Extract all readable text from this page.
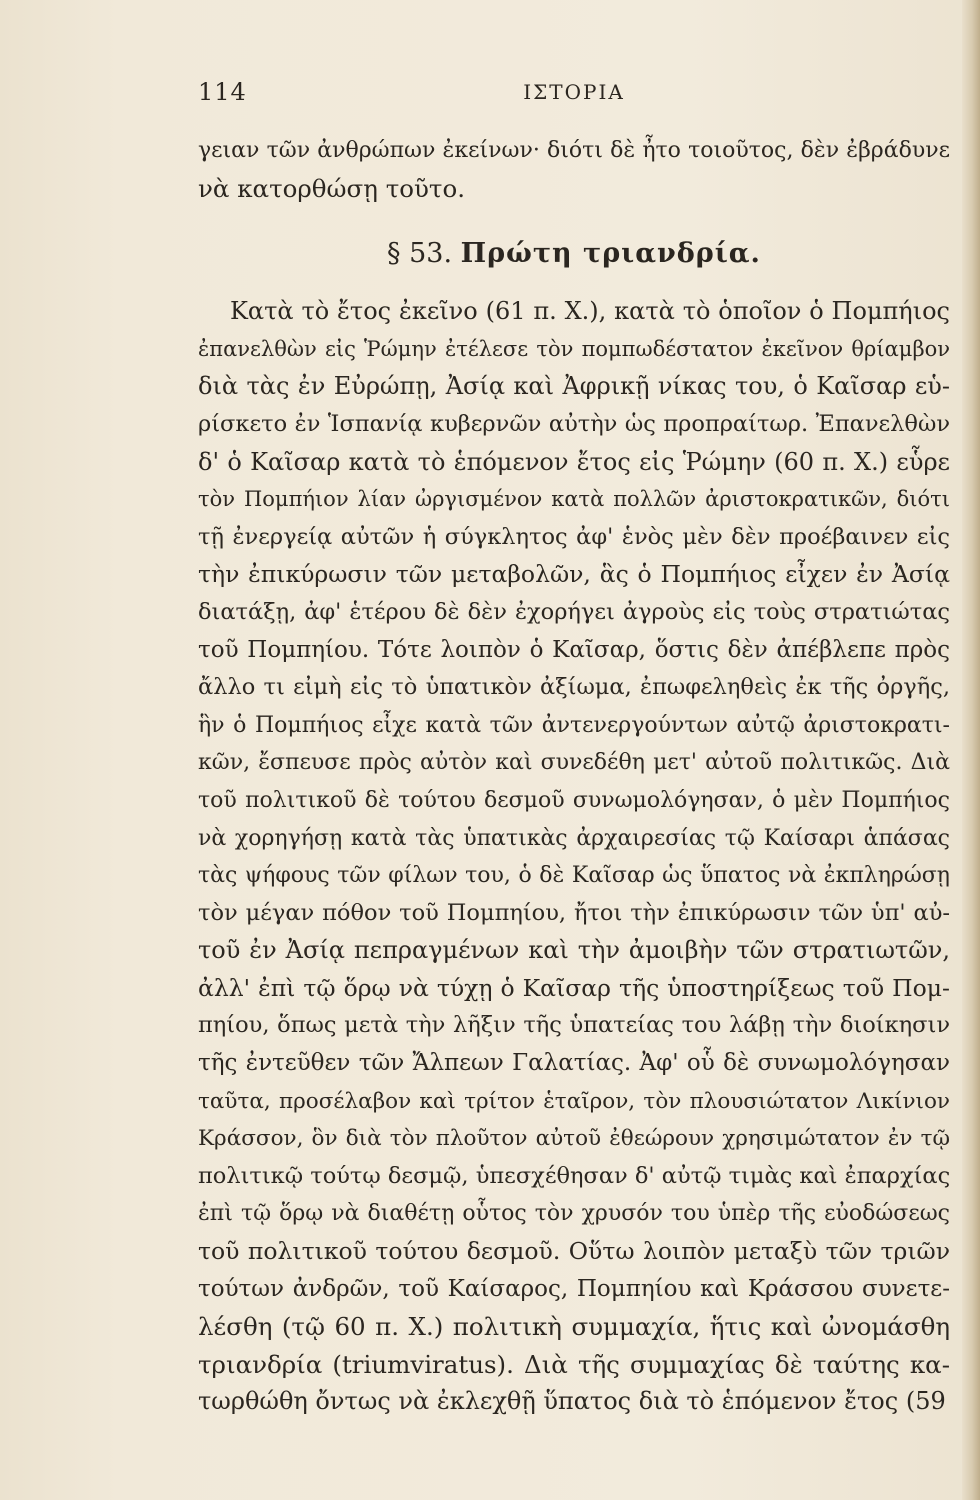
114	ΙΣΤΟΡΙΑ
γειαν τῶν ἀνθρώπων ἐκείνων· διότι δὲ ἦτο τοιοῦτος, δὲν ἐβράδυνε
νὰ κατορθώσῃ τοῦτο.
§ 53. Πρώτη τριανδρία.
Κατὰ τὸ ἔτος ἐκεῖνο (61 π. Χ.), κατὰ τὸ ὁποῖον ὁ Πομπήιος
ἐπανελθὼν εἰς Ῥώμην ἐτέλεσε τὸν πομπωδέστατον ἐκεῖνον θρίαμβον
διὰ τὰς ἐν Εὐρώπῃ, Ἀσίᾳ καὶ Ἀφρικῇ νίκας του, ὁ Καῖσαρ εὑ-
ρίσκετο ἐν Ἱσπανίᾳ κυβερνῶν αὐτὴν ὡς προπραίτωρ. Ἐπανελθὼν
δ' ὁ Καῖσαρ κατὰ τὸ ἑπόμενον ἔτος εἰς Ῥώμην (60 π. Χ.) εὗρε
τὸν Πομπήιον λίαν ὠργισμένον κατὰ πολλῶν ἀριστοκρατικῶν, διότι
τῇ ἐνεργείᾳ αὐτῶν ἡ σύγκλητος ἀφ' ἑνὸς μὲν δὲν προέβαινεν εἰς
τὴν ἐπικύρωσιν τῶν μεταβολῶν, ἃς ὁ Πομπήιος εἶχεν ἐν Ἀσίᾳ
διατάξῃ, ἀφ' ἑτέρου δὲ δὲν ἐχορήγει ἀγροὺς εἰς τοὺς στρατιώτας
τοῦ Πομπηίου. Τότε λοιπὸν ὁ Καῖσαρ, ὅστις δὲν ἀπέβλεπε πρὸς
ἄλλο τι εἰμὴ εἰς τὸ ὑπατικὸν ἀξίωμα, ἐπωφεληθεὶς ἐκ τῆς ὀργῆς,
ἣν ὁ Πομπήιος εἶχε κατὰ τῶν ἀντενεργούντων αὐτῷ ἀριστοκρατι-
κῶν, ἔσπευσε πρὸς αὐτὸν καὶ συνεδέθη μετ' αὐτοῦ πολιτικῶς. Διὰ
τοῦ πολιτικοῦ δὲ τούτου δεσμοῦ συνωμολόγησαν, ὁ μὲν Πομπήιος
νὰ χορηγήσῃ κατὰ τὰς ὑπατικὰς ἀρχαιρεσίας τῷ Καίσαρι ἁπάσας
τὰς ψήφους τῶν φίλων του, ὁ δὲ Καῖσαρ ὡς ὕπατος νὰ ἐκπληρώσῃ
τὸν μέγαν πόθον τοῦ Πομπηίου, ἤτοι τὴν ἐπικύρωσιν τῶν ὑπ' αὐ-
τοῦ ἐν Ἀσίᾳ πεπραγμένων καὶ τὴν ἀμοιβὴν τῶν στρατιωτῶν,
ἀλλ' ἐπὶ τῷ ὅρῳ νὰ τύχῃ ὁ Καῖσαρ τῆς ὑποστηρίξεως τοῦ Πομ-
πηίου, ὅπως μετὰ τὴν λῆξιν τῆς ὑπατείας του λάβῃ τὴν διοίκησιν
τῆς ἐντεῦθεν τῶν Ἄλπεων Γαλατίας. Ἀφ' οὗ δὲ συνωμολόγησαν
ταῦτα, προσέλαβον καὶ τρίτον ἑταῖρον, τὸν πλουσιώτατον Λικίνιον
Κράσσον, ὃν διὰ τὸν πλοῦτον αὐτοῦ ἐθεώρουν χρησιμώτατον ἐν τῷ
πολιτικῷ τούτῳ δεσμῷ, ὑπεσχέθησαν δ' αὐτῷ τιμὰς καὶ ἐπαρχίας
ἐπὶ τῷ ὅρῳ νὰ διαθέτῃ οὗτος τὸν χρυσόν του ὑπὲρ τῆς εὐοδώσεως
τοῦ πολιτικοῦ τούτου δεσμοῦ. Οὕτω λοιπὸν μεταξὺ τῶν τριῶν
τούτων ἀνδρῶν, τοῦ Καίσαρος, Πομπηίου καὶ Κράσσου συνετε-
λέσθη (τῷ 60 π. Χ.) πολιτικὴ συμμαχία, ἥτις καὶ ὠνομάσθη
τριανδρία (triumviratus). Διὰ τῆς συμμαχίας δὲ ταύτης κα-
τωρθώθη ὄντως νὰ ἐκλεχθῇ ὕπατος διὰ τὸ ἑπόμενον ἔτος (59
